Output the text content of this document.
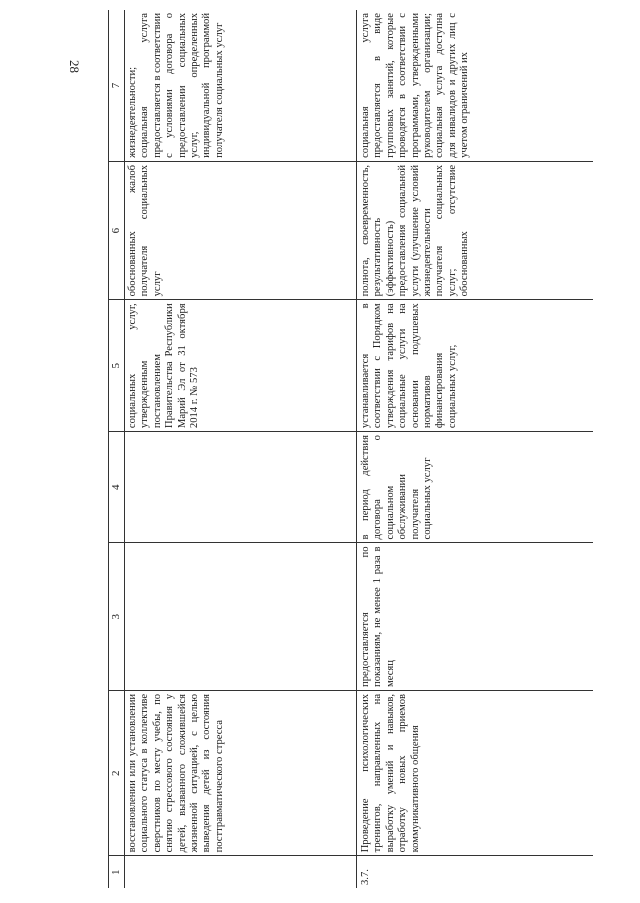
28
1	2	3	4	5	6	7
	восстановлении или установлении социального статуса в коллективе сверстников по месту учебы, по снятию стрессового состояния у детей, вызванного сложившейся жизненной ситуацией, с целью выведения детей из состояния посттравматического стресса			социальных услуг, утвержденным постановлением Правительства Республики Марий Эл от 31 октября 2014 г. № 573	обоснованных жалоб получателя социальных услуг	жизнедеятельности; социальная услуга предоставляется в соответствии с условиями договора о предоставлении социальных услуг, определенных индивидуальной программой получателя социальных услуг
3.7.	Проведение психологических тренингов, направленных на выработку умений и навыков, отработку новых приемов коммуникативного общения	предоставляется по показаниям, не менее 1 раза в месяц	в период действия договора о социальном обслуживании получателя социальных услуг	устанавливается в соответствии с Порядком утверждения тарифов на социальные услуги на основании подушевых нормативов финансирования социальных услуг,	полнота, своевременность, результативность (эффективность) предоставления социальной услуги (улучшение условий жизнедеятельности получателя социальных услуг; отсутствие обоснованных	социальная услуга предоставляется в виде групповых занятий, которые проводятся в соответствии с программами, утвержденными руководителем организации; социальная услуга доступна для инвалидов и других лиц с учетом ограничений их
